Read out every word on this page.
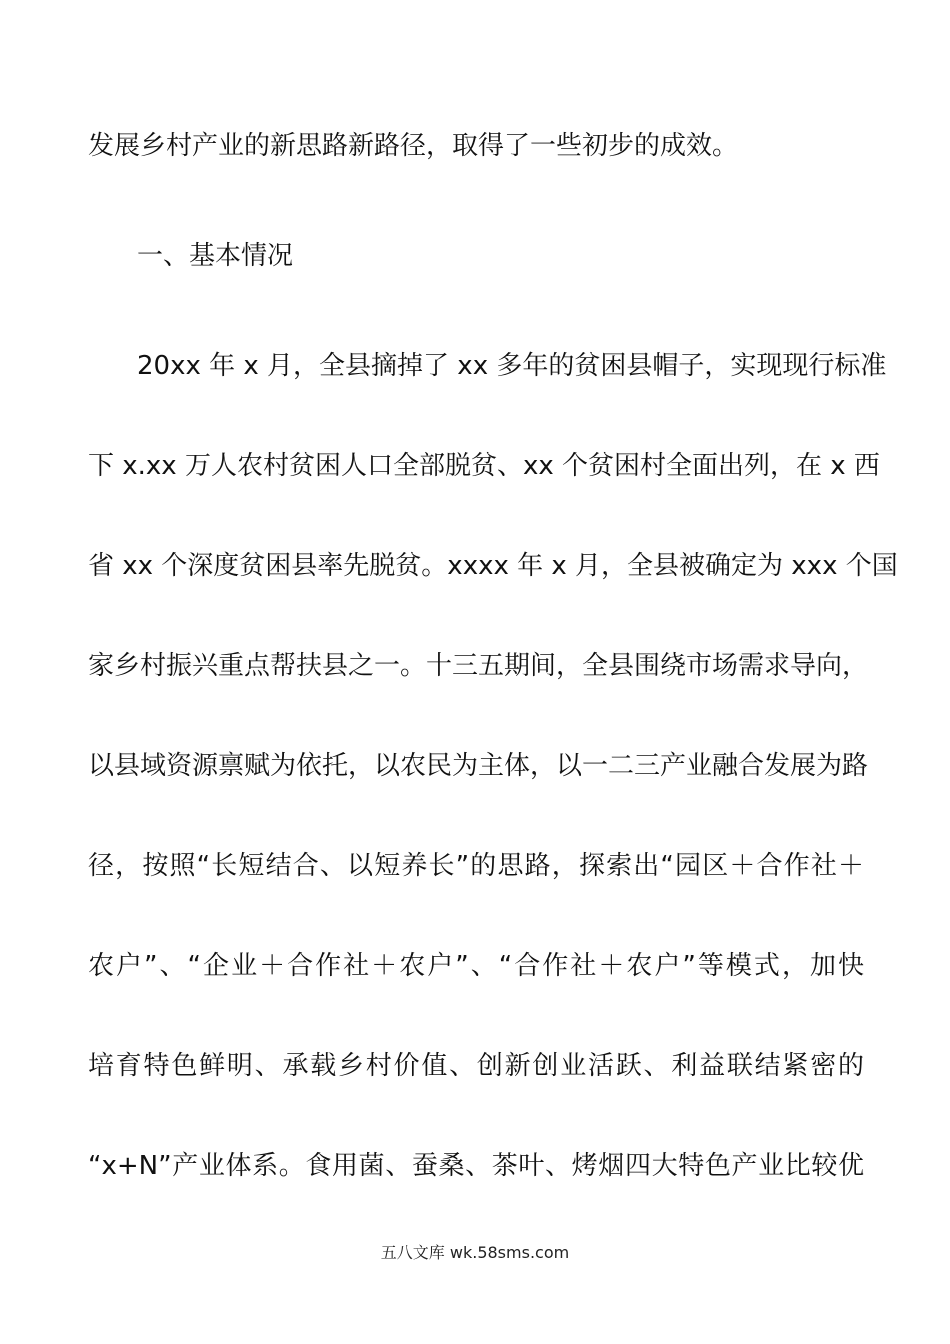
发展乡村产业的新思路新路径，取得了一些初步的成效。
一、基本情况
20xx 年 x 月，全县摘掉了 xx 多年的贫困县帽子，实现现行标准
下 x.xx 万人农村贫困人口全部脱贫、xx 个贫困村全面出列，在 x 西
省 xx 个深度贫困县率先脱贫。xxxx 年 x 月，全县被确定为 xxx 个国
家乡村振兴重点帮扶县之一。十三五期间，全县围绕市场需求导向，
以县域资源禀赋为依托，以农民为主体，以一二三产业融合发展为路
径，按照“长短结合、以短养长”的思路，探索出“园区＋合作社＋
农户”、“企业＋合作社＋农户”、“合作社＋农户”等模式，加快
培育特色鲜明、承载乡村价值、创新创业活跃、利益联结紧密的
“x+N”产业体系。食用菌、蚕桑、茶叶、烤烟四大特色产业比较优
五八文库 wk.58sms.com
